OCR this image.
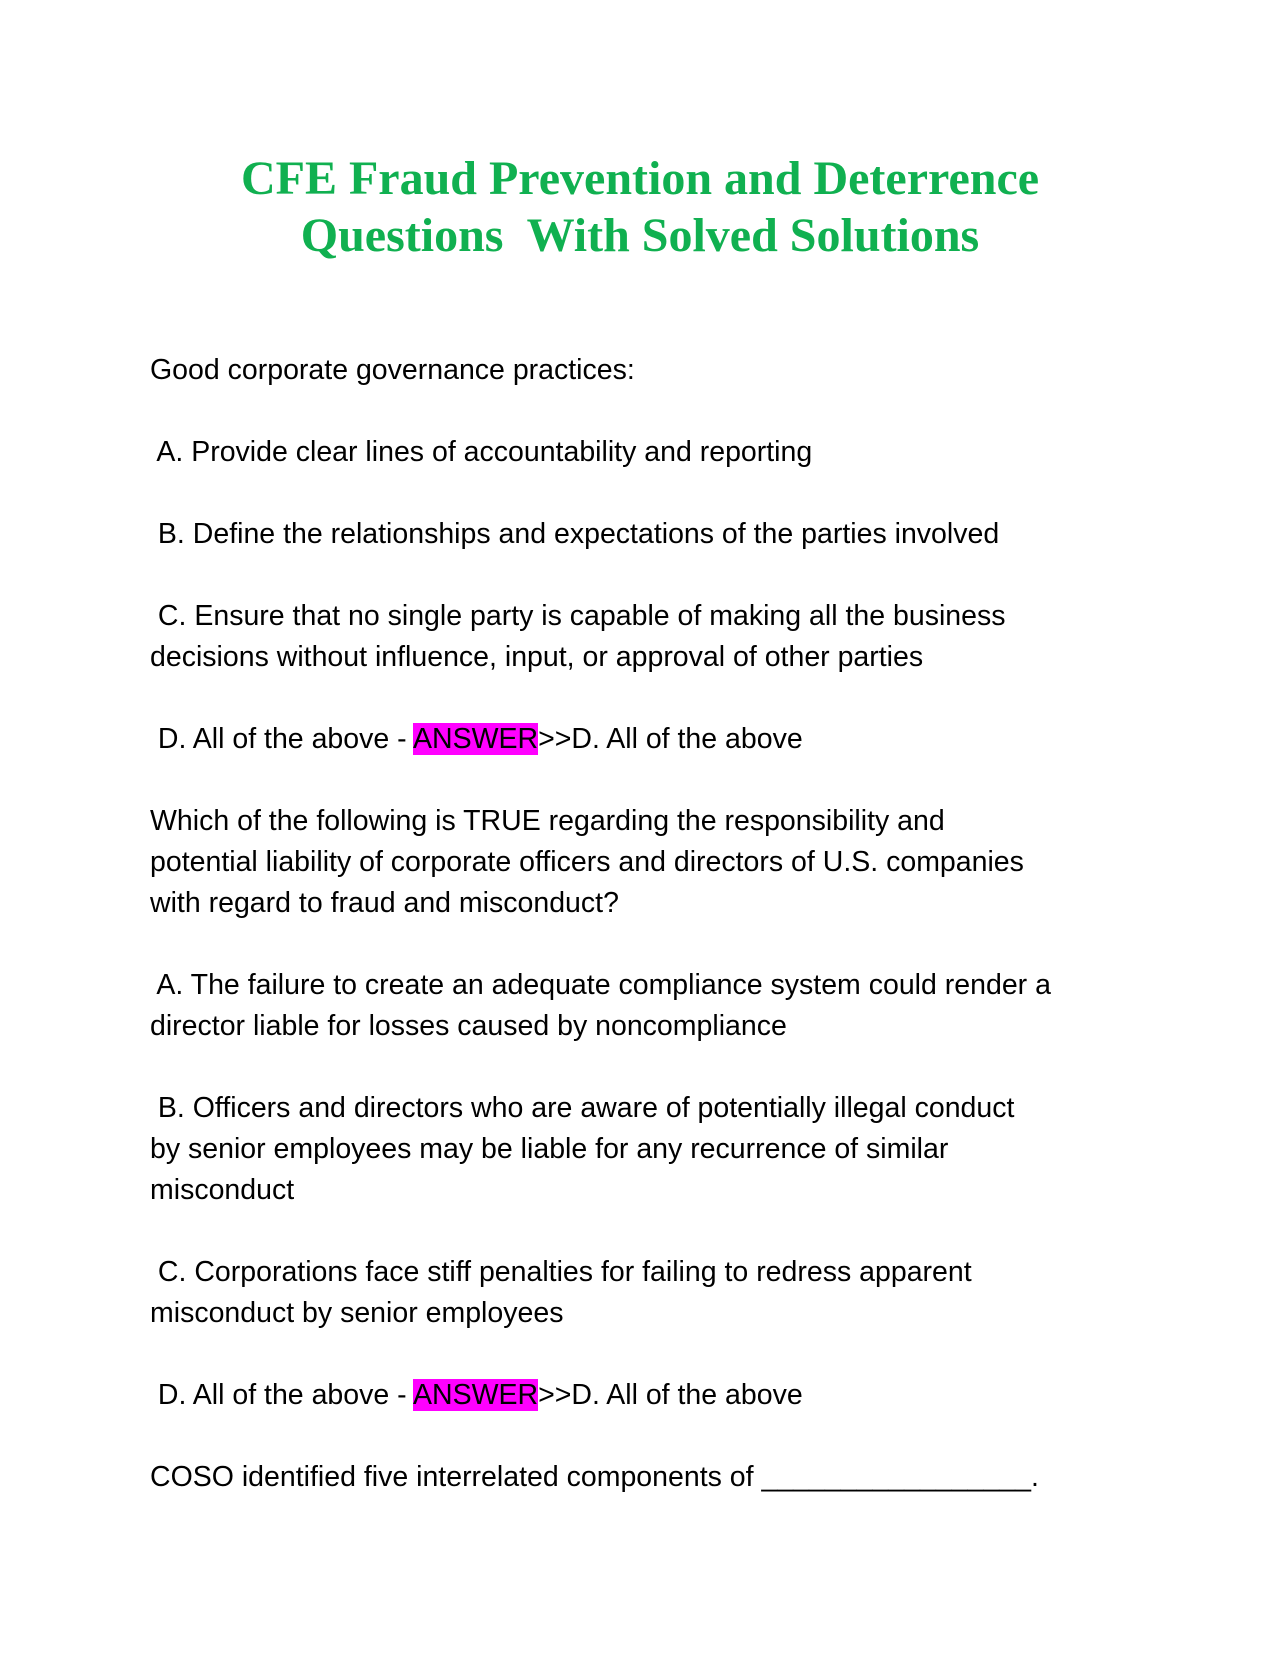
CFE Fraud Prevention and Deterrence
Questions  With Solved Solutions

Good corporate governance practices:

A. Provide clear lines of accountability and reporting

B. Define the relationships and expectations of the parties involved

C. Ensure that no single party is capable of making all the business
decisions without influence, input, or approval of other parties

D. All of the above - ANSWER>>D. All of the above

Which of the following is TRUE regarding the responsibility and
potential liability of corporate officers and directors of U.S. companies
with regard to fraud and misconduct?

A. The failure to create an adequate compliance system could render a
director liable for losses caused by noncompliance

B. Officers and directors who are aware of potentially illegal conduct
by senior employees may be liable for any recurrence of similar
misconduct

C. Corporations face stiff penalties for failing to redress apparent
misconduct by senior employees

D. All of the above - ANSWER>>D. All of the above

COSO identified five interrelated components of _________________.
